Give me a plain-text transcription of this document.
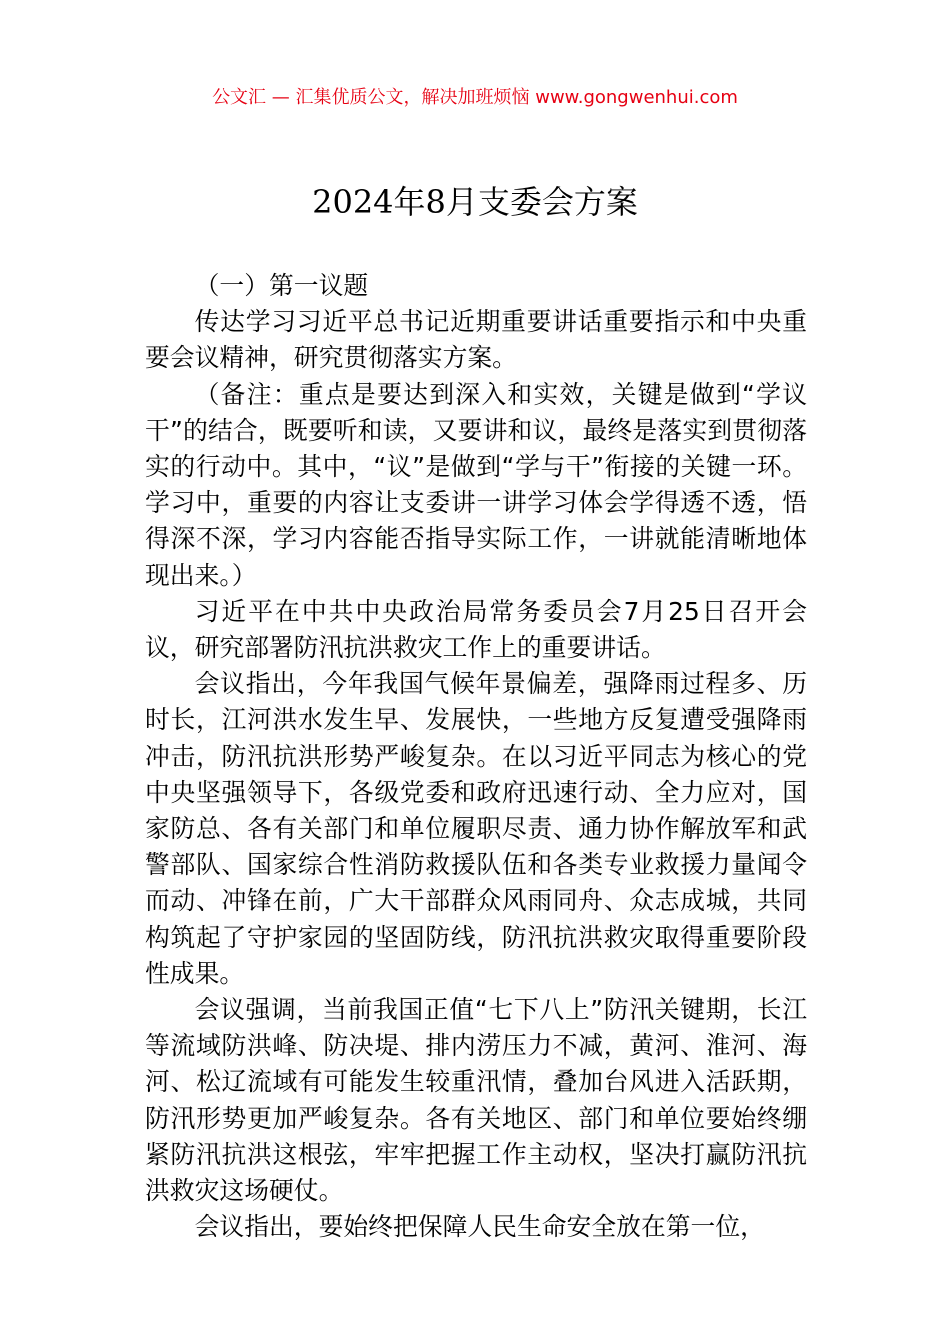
公文汇 — 汇集优质公文，解决加班烦恼 www.gongwenhui.com
2024年8月支委会方案

（一）第一议题

传达学习习近平总书记近期重要讲话重要指示和中央重要会议精神，研究贯彻落实方案。

（备注：重点是要达到深入和实效，关键是做到“学议干”的结合，既要听和读，又要讲和议，最终是落实到贯彻落实的行动中。其中，“议”是做到“学与干”衔接的关键一环。学习中，重要的内容让支委讲一讲学习体会学得透不透，悟得深不深，学习内容能否指导实际工作，一讲就能清晰地体现出来。）

习近平在中共中央政治局常务委员会7月25日召开会议，研究部署防汛抗洪救灾工作上的重要讲话。

会议指出，今年我国气候年景偏差，强降雨过程多、历时长，江河洪水发生早、发展快，一些地方反复遭受强降雨冲击，防汛抗洪形势严峻复杂。在以习近平同志为核心的党中央坚强领导下，各级党委和政府迅速行动、全力应对，国家防总、各有关部门和单位履职尽责、通力协作解放军和武警部队、国家综合性消防救援队伍和各类专业救援力量闻令而动、冲锋在前，广大干部群众风雨同舟、众志成城，共同构筑起了守护家园的坚固防线，防汛抗洪救灾取得重要阶段性成果。

会议强调，当前我国正值“七下八上”防汛关键期，长江等流域防洪峰、防决堤、排内涝压力不减，黄河、淮河、海河、松辽流域有可能发生较重汛情，叠加台风进入活跃期，防汛形势更加严峻复杂。各有关地区、部门和单位要始终绷紧防汛抗洪这根弦，牢牢把握工作主动权，坚决打赢防汛抗洪救灾这场硬仗。

会议指出，要始终把保障人民生命安全放在第一位，
